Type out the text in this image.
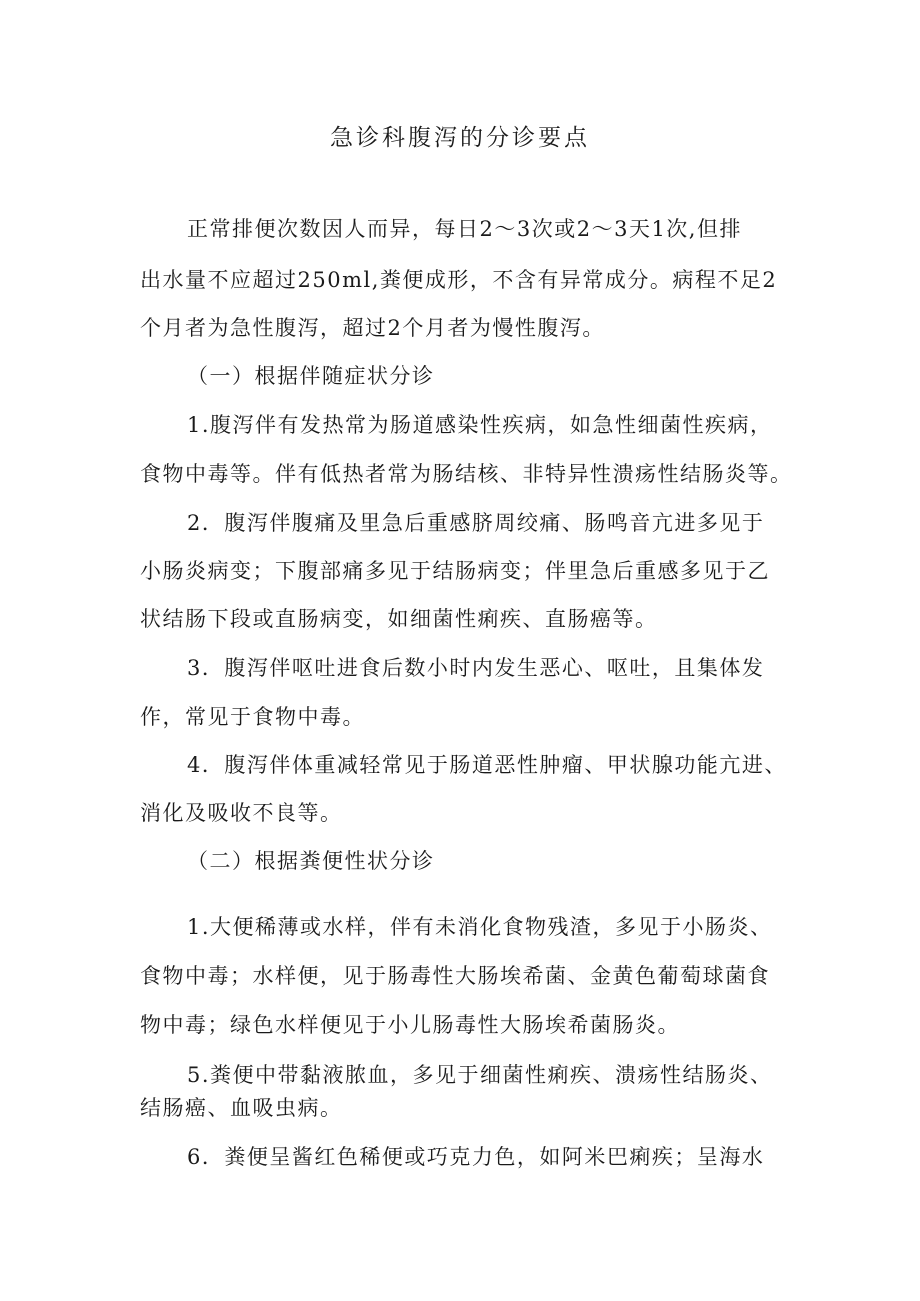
急诊科腹泻的分诊要点
正常排便次数因人而异，每日2～3次或2～3天1次,但排
出水量不应超过250ml,粪便成形，不含有异常成分。病程不足2
个月者为急性腹泻，超过2个月者为慢性腹泻。
（一）根据伴随症状分诊
1.腹泻伴有发热常为肠道感染性疾病，如急性细菌性疾病，
食物中毒等。伴有低热者常为肠结核、非特异性溃疡性结肠炎等。
2．腹泻伴腹痛及里急后重感脐周绞痛、肠鸣音亢进多见于
小肠炎病变；下腹部痛多见于结肠病变；伴里急后重感多见于乙
状结肠下段或直肠病变，如细菌性痢疾、直肠癌等。
3．腹泻伴呕吐进食后数小时内发生恶心、呕吐，且集体发
作，常见于食物中毒。
4．腹泻伴体重减轻常见于肠道恶性肿瘤、甲状腺功能亢进、
消化及吸收不良等。
（二）根据粪便性状分诊
1.大便稀薄或水样，伴有未消化食物残渣，多见于小肠炎、
食物中毒；水样便，见于肠毒性大肠埃希菌、金黄色葡萄球菌食
物中毒；绿色水样便见于小儿肠毒性大肠埃希菌肠炎。
5.粪便中带黏液脓血，多见于细菌性痢疾、溃疡性结肠炎、
结肠癌、血吸虫病。
6．粪便呈酱红色稀便或巧克力色，如阿米巴痢疾；呈海水
